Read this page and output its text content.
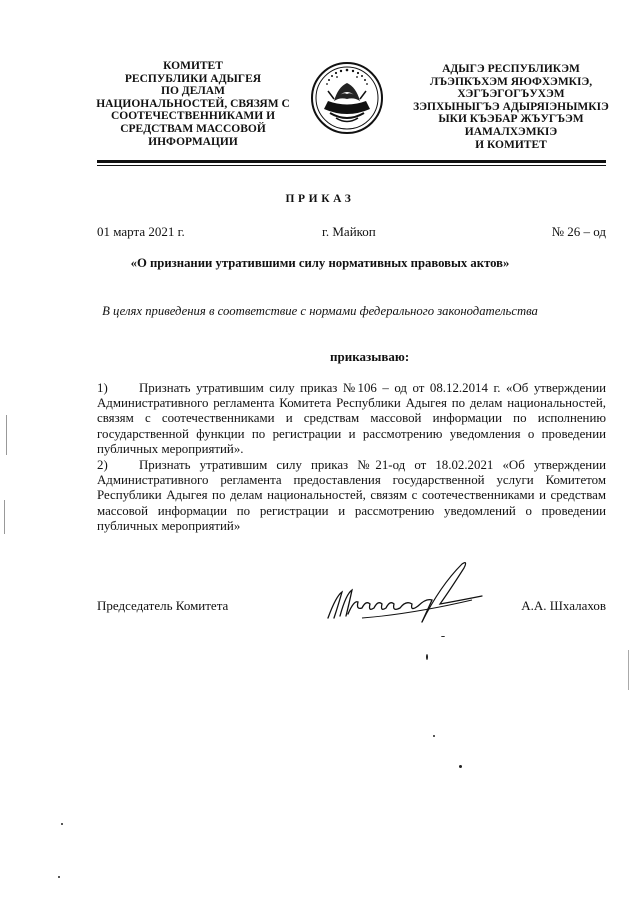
КОМИТЕТ
РЕСПУБЛИКИ АДЫГЕЯ
ПО ДЕЛАМ
НАЦИОНАЛЬНОСТЕЙ, СВЯЗЯМ С
СООТЕЧЕСТВЕННИКАМИ И
СРЕДСТВАМ МАССОВОЙ
ИНФОРМАЦИИ
АДЫГЭ РЕСПУБЛИКЭМ
ЛЪЭПКЪХЭМ ЯЮФХЭМКІЭ,
ХЭГЪЭГОГЪУХЭМ
ЗЭПХЫНЫГЪЭ АДЫРЯІЭНЫМКІЭ
ЫКИ КЪЭБАР ЖЪУГЪЭМ
ИАМАЛХЭМКІЭ
И КОМИТЕТ
ПРИКАЗ
01 марта 2021 г.	г. Майкоп	№ 26 – од
«О признании утратившими силу нормативных правовых актов»
В целях приведения в соответствие с нормами федерального законодательства
приказываю:
1) Признать утратившим силу приказ №106 – од от 08.12.2014 г. «Об утверждении Административного регламента Комитета Республики Адыгея по делам национальностей, связям с соотечественниками и средствам массовой информации по исполнению государственной функции по регистрации и рассмотрению уведомления о проведении публичных мероприятий».
2) Признать утратившим силу приказ №21-од от 18.02.2021 «Об утверждении Административного регламента предоставления государственной услуги Комитетом Республики Адыгея по делам национальностей, связям с соотечественниками и средствам массовой информации по регистрации и рассмотрению уведомлений о проведении публичных мероприятий»
Председатель Комитета	А.А. Шхалахов
